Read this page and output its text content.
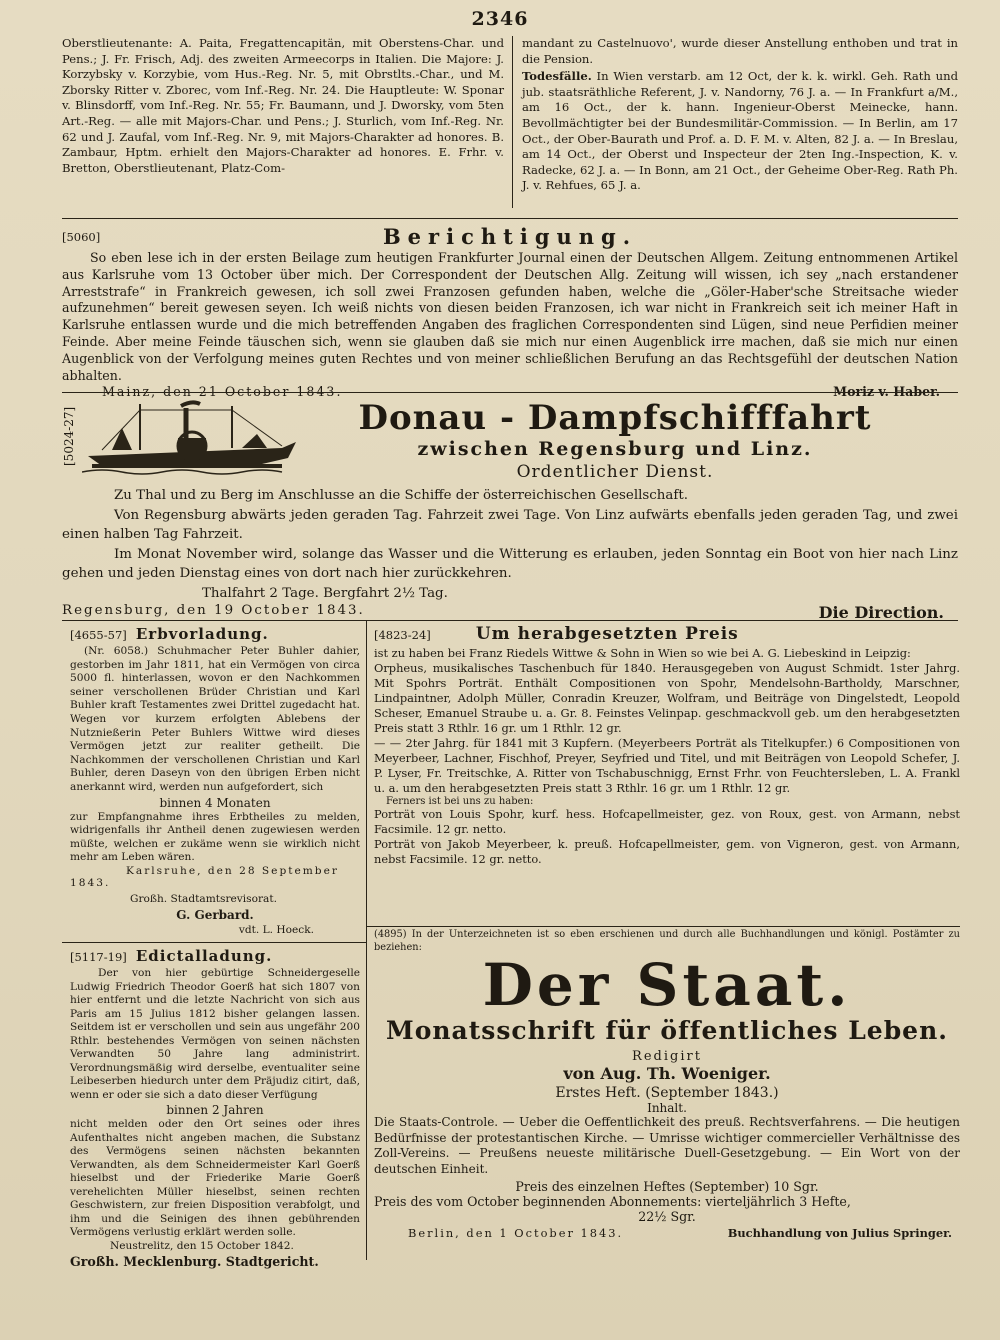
2346

Oberstlieutenante: A. Paita, Fregattencapitän, mit Oberstens-Char. und Pens.; J. Fr. Frisch, Adj. des zweiten Armeecorps in Italien. Die Majore: J. Korzybsky v. Korzybie, vom Hus.-Reg. Nr. 5, mit Obrstlts.-Char., und M. Zborsky Ritter v. Zborec, vom Inf.-Reg. Nr. 24. Die Hauptleute: W. Sponar v. Blinsdorff, vom Inf.-Reg. Nr. 55; Fr. Baumann, und J. Dworsky, vom 5ten Art.-Reg. — alle mit Majors-Char. und Pens.; J. Sturlich, vom Inf.-Reg. Nr. 62 und J. Zaufal, vom Inf.-Reg. Nr. 9, mit Majors-Charakter ad honores. B. Zambaur, Hptm. erhielt den Majors-Charakter ad honores. E. Frhr. v. Bretton, Oberstlieutenant, Platz-Com-

mandant zu Castelnuovo', wurde dieser Anstellung enthoben und trat in die Pension.

Todesfälle. In Wien verstarb. am 12 Oct, der k. k. wirkl. Geh. Rath und jub. staatsräthliche Referent, J. v. Nandorny, 76 J. a. — In Frankfurt a/M., am 16 Oct., der k. hann. Ingenieur-Oberst Meinecke, hann. Bevollmächtigter bei der Bundesmilitär-Commission. — In Berlin, am 17 Oct., der Ober-Baurath und Prof. a. D. F. M. v. Alten, 82 J. a. — In Breslau, am 14 Oct., der Oberst und Inspecteur der 2ten Ing.-Inspection, K. v. Radecke, 62 J. a. — In Bonn, am 21 Oct., der Geheime Ober-Reg. Rath Ph. J. v. Rehfues, 65 J. a.

[5060]	Berichtigung.

So eben lese ich in der ersten Beilage zum heutigen Frankfurter Journal einen der Deutschen Allgem. Zeitung entnommenen Artikel aus Karlsruhe vom 13 October über mich. Der Correspondent der Deutschen Allg. Zeitung will wissen, ich sey „nach erstandener Arreststrafe“ in Frankreich gewesen, ich soll zwei Franzosen gefunden haben, welche die „Göler-Haber'sche Streitsache wieder aufzunehmen“ bereit gewesen seyen. Ich weiß nichts von diesen beiden Franzosen, ich war nicht in Frankreich seit ich meiner Haft in Karlsruhe entlassen wurde und die mich betreffenden Angaben des fraglichen Correspondenten sind Lügen, sind neue Perfidien meiner Feinde. Aber meine Feinde täuschen sich, wenn sie glauben daß sie mich nur einen Augenblick irre machen, daß sie mich nur einen Augenblick von der Verfolgung meines guten Rechtes und von meiner schließlichen Berufung an das Rechtsgefühl der deutschen Nation abhalten.

Mainz, den 21 October 1843.	Moriz v. Haber.
[5024-27]	Donau - Dampfschifffahrt
zwischen Regensburg und Linz.
Ordentlicher Dienst.

Zu Thal und zu Berg im Anschlusse an die Schiffe der österreichischen Gesellschaft.

Von Regensburg abwärts jeden geraden Tag. Fahrzeit zwei Tage. Von Linz aufwärts ebenfalls jeden geraden Tag, und zwei einen halben Tag Fahrzeit.

Im Monat November wird, solange das Wasser und die Witterung es erlauben, jeden Sonntag ein Boot von hier nach Linz gehen und jeden Dienstag eines von dort nach hier zurückkehren.

Thalfahrt 2 Tage. Bergfahrt 2½ Tag.

Regensburg, den 19 October 1843.	Die Direction.
[4655-57] Erbvorladung.

(Nr. 6058.) Schuhmacher Peter Buhler dahier, gestorben im Jahr 1811, hat ein Vermögen von circa 5000 fl. hinterlassen, wovon er den Nachkommen seiner verschollenen Brüder Christian und Karl Buhler kraft Testamentes zwei Drittel zugedacht hat. Wegen vor kurzem erfolgten Ablebens der Nutznießerin Peter Buhlers Wittwe wird dieses Vermögen jetzt zur realiter getheilt. Die Nachkommen der verschollenen Christian und Karl Buhler, deren Daseyn von den übrigen Erben nicht anerkannt wird, werden nun aufgefordert, sich

binnen 4 Monaten

zur Empfangnahme ihres Erbtheiles zu melden, widrigenfalls ihr Antheil denen zugewiesen werden müßte, welchen er zukäme wenn sie wirklich nicht mehr am Leben wären.

Karlsruhe, den 28 September 1843.
Großh. Stadtamtsrevisorat.
G. Gerbard.
vdt. L. Hoeck.
[5117-19] Edictalladung.

Der von hier gebürtige Schneidergeselle Ludwig Friedrich Theodor Goerß hat sich 1807 von hier entfernt und die letzte Nachricht von sich aus Paris am 15 Julius 1812 bisher gelangen lassen. Seitdem ist er verschollen und sein aus ungefähr 200 Rthlr. bestehendes Vermögen von seinen nächsten Verwandten 50 Jahre lang administrirt. Verordnungsmäßig wird derselbe, eventualiter seine Leibeserben hiedurch unter dem Präjudiz citirt, daß, wenn er oder sie sich a dato dieser Verfügung

binnen 2 Jahren

nicht melden oder den Ort seines oder ihres Aufenthaltes nicht angeben machen, die Substanz des Vermögens seinen nächsten bekannten Verwandten, als dem Schneidermeister Karl Goerß hieselbst und der Friederike Marie Goerß verehelichten Müller hieselbst, seinen rechten Geschwistern, zur freien Disposition verabfolgt, und ihm und die Seinigen des ihnen gebührenden Vermögens verlustig erklärt werden solle.

Neustrelitz, den 15 October 1842.
Großh. Mecklenburg. Stadtgericht.
[4823-24]	Um herabgesetzten Preis

ist zu haben bei Franz Riedels Wittwe & Sohn in Wien so wie bei A. G. Liebeskind in Leipzig:

Orpheus, musikalisches Taschenbuch für 1840. Herausgegeben von August Schmidt. 1ster Jahrg. Mit Spohrs Porträt. Enthält Compositionen von Spohr, Mendelsohn-Bartholdy, Marschner, Lindpaintner, Adolph Müller, Conradin Kreuzer, Wolfram, und Beiträge von Dingelstedt, Leopold Scheser, Emanuel Straube u. a. Gr. 8. Feinstes Velinpap. geschmackvoll geb. um den herabgesetzten Preis statt 3 Rthlr. 16 gr. um 1 Rthlr. 12 gr.

— — 2ter Jahrg. für 1841 mit 3 Kupfern. (Meyerbeers Porträt als Titelkupfer.) 6 Compositionen von Meyerbeer, Lachner, Fischhof, Preyer, Seyfried und Titel, und mit Beiträgen von Leopold Schefer, J. P. Lyser, Fr. Treitschke, A. Ritter von Tschabuschnigg, Ernst Frhr. von Feuchtersleben, L. A. Frankl u. a. um den herabgesetzten Preis statt 3 Rthlr. 16 gr. um 1 Rthlr. 12 gr.

Ferners ist bei uns zu haben:

Porträt von Louis Spohr, kurf. hess. Hofcapellmeister, gez. von Roux, gest. von Armann, nebst Facsimile. 12 gr. netto.

Porträt von Jakob Meyerbeer, k. preuß. Hofcapellmeister, gem. von Vigneron, gest. von Armann, nebst Facsimile. 12 gr. netto.

(4895) In der Unterzeichneten ist so eben erschienen und durch alle Buchhandlungen und königl. Postämter zu beziehen:

Der Staat.
Monatsschrift für öffentliches Leben.
Redigirt
von Aug. Th. Woeniger.
Erstes Heft. (September 1843.)
Inhalt.

Die Staats-Controle. — Ueber die Oeffentlichkeit des preuß. Rechtsverfahrens. — Die heutigen Bedürfnisse der protestantischen Kirche. — Umrisse wichtiger commercieller Verhältnisse des Zoll-Vereins. — Preußens neueste militärische Duell-Gesetzgebung. — Ein Wort von der deutschen Einheit.

Preis des einzelnen Heftes (September) 10 Sgr.
Preis des vom October beginnenden Abonnements: vierteljährlich 3 Hefte,
22½ Sgr.
Berlin, den 1 October 1843.	Buchhandlung von Julius Springer.
